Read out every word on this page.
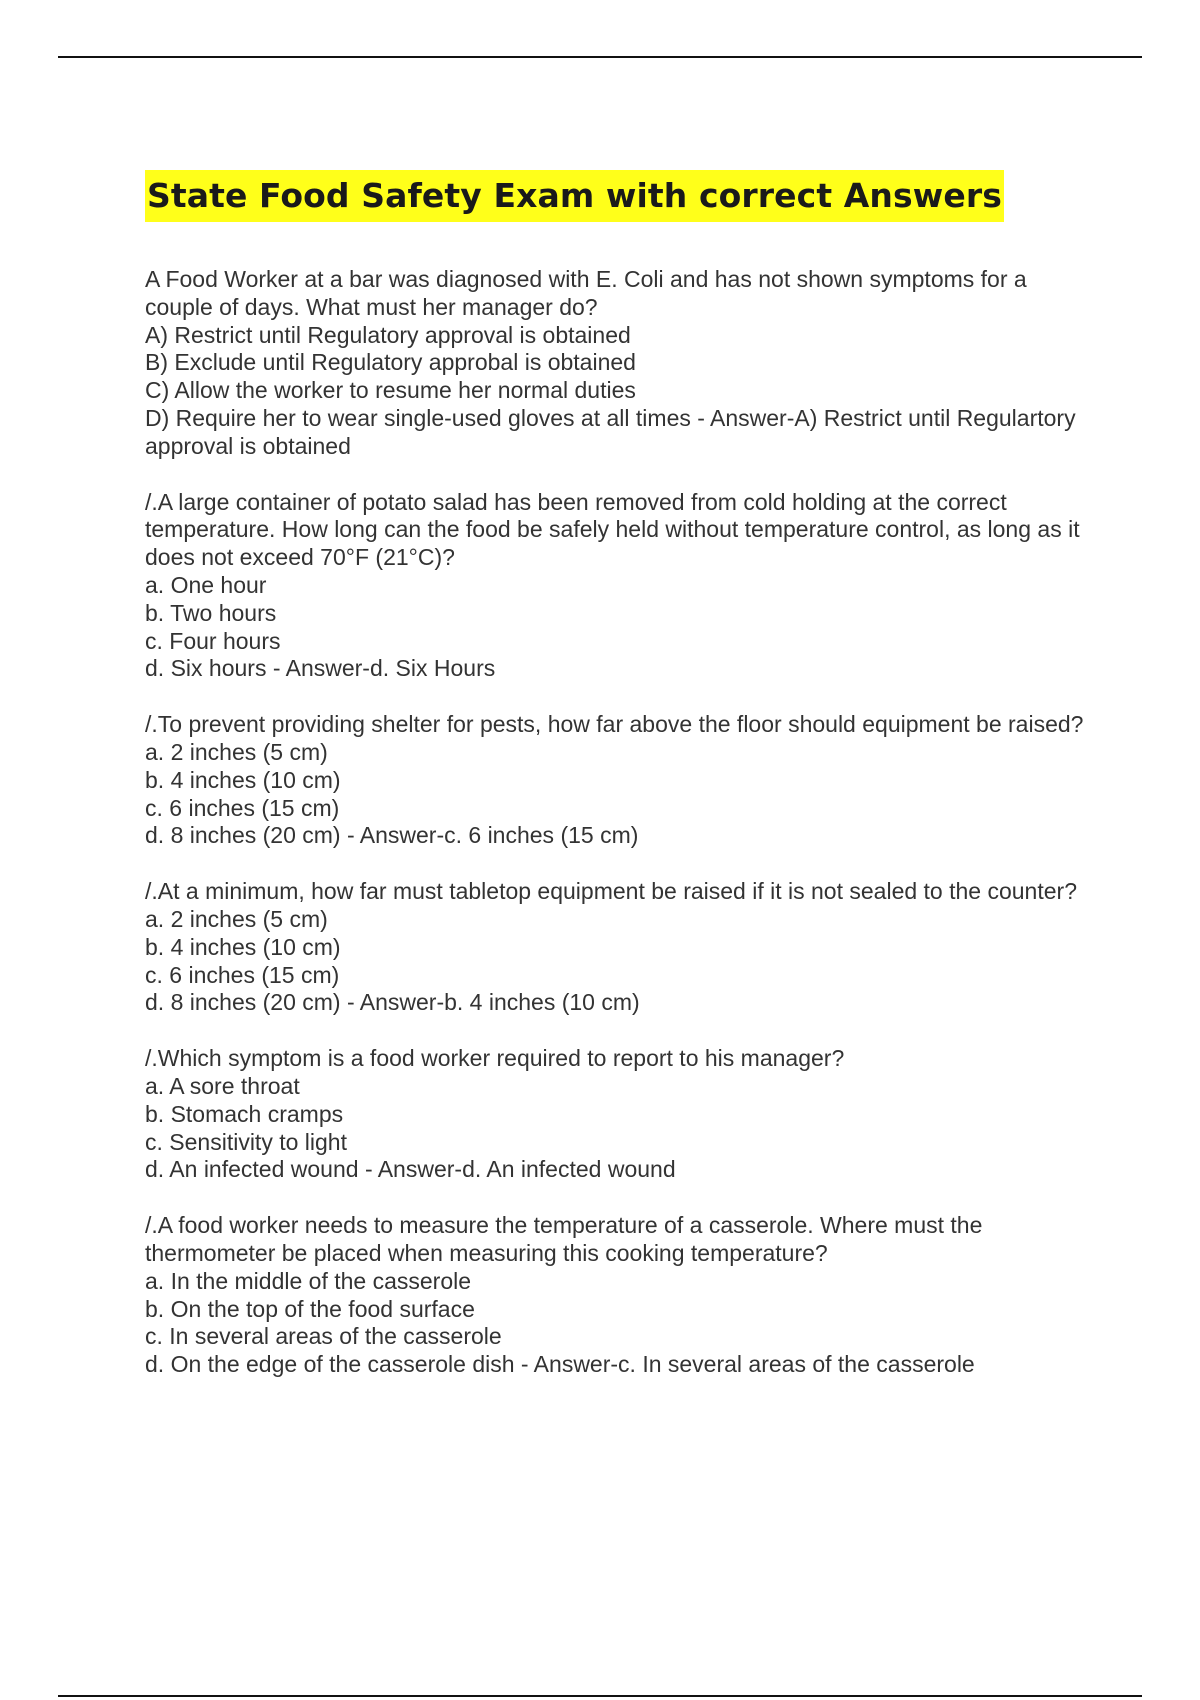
State Food Safety Exam with correct Answers

A Food Worker at a bar was diagnosed with E. Coli and has not shown symptoms for a couple of days. What must her manager do?

A) Restrict until Regulatory approval is obtained

B) Exclude until Regulatory approbal is obtained

C) Allow the worker to resume her normal duties

D) Require her to wear single-used gloves at all times - Answer-A) Restrict until Regulartory approval is obtained

/.A large container of potato salad has been removed from cold holding at the correct temperature. How long can the food be safely held without temperature control, as long as it does not exceed 70°F (21°C)?

a. One hour

b. Two hours

c. Four hours

d. Six hours - Answer-d. Six Hours

/.To prevent providing shelter for pests, how far above the floor should equipment be raised?

a. 2 inches (5 cm)

b. 4 inches (10 cm)

c. 6 inches (15 cm)

d. 8 inches (20 cm) - Answer-c. 6 inches (15 cm)

/.At a minimum, how far must tabletop equipment be raised if it is not sealed to the counter?

a. 2 inches (5 cm)

b. 4 inches (10 cm)

c. 6 inches (15 cm)

d. 8 inches (20 cm) - Answer-b. 4 inches (10 cm)

/.Which symptom is a food worker required to report to his manager?

a. A sore throat

b. Stomach cramps

c. Sensitivity to light

d. An infected wound - Answer-d. An infected wound

/.A food worker needs to measure the temperature of a casserole. Where must the thermometer be placed when measuring this cooking temperature?

a. In the middle of the casserole

b. On the top of the food surface

c. In several areas of the casserole

d. On the edge of the casserole dish - Answer-c. In several areas of the casserole
